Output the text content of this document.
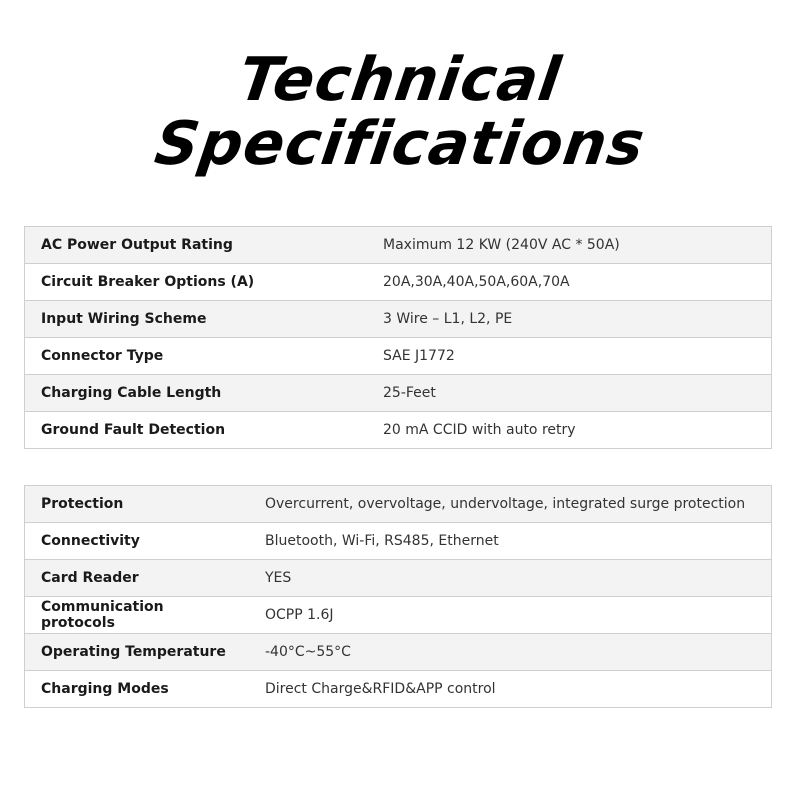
Technical
Specifications
AC Power Output Rating	Maximum 12 KW (240V AC * 50A)
Circuit Breaker Options (A)	20A,30A,40A,50A,60A,70A
Input Wiring Scheme	3 Wire – L1, L2, PE
Connector Type	SAE J1772
Charging Cable Length	25-Feet
Ground Fault Detection	20 mA CCID with auto retry
Protection	Overcurrent, overvoltage, undervoltage, integrated surge protection
Connectivity	Bluetooth, Wi-Fi, RS485, Ethernet
Card Reader	YES
Communication protocols	OCPP 1.6J
Operating Temperature	-40°C~55°C
Charging Modes	Direct Charge&RFID&APP control
